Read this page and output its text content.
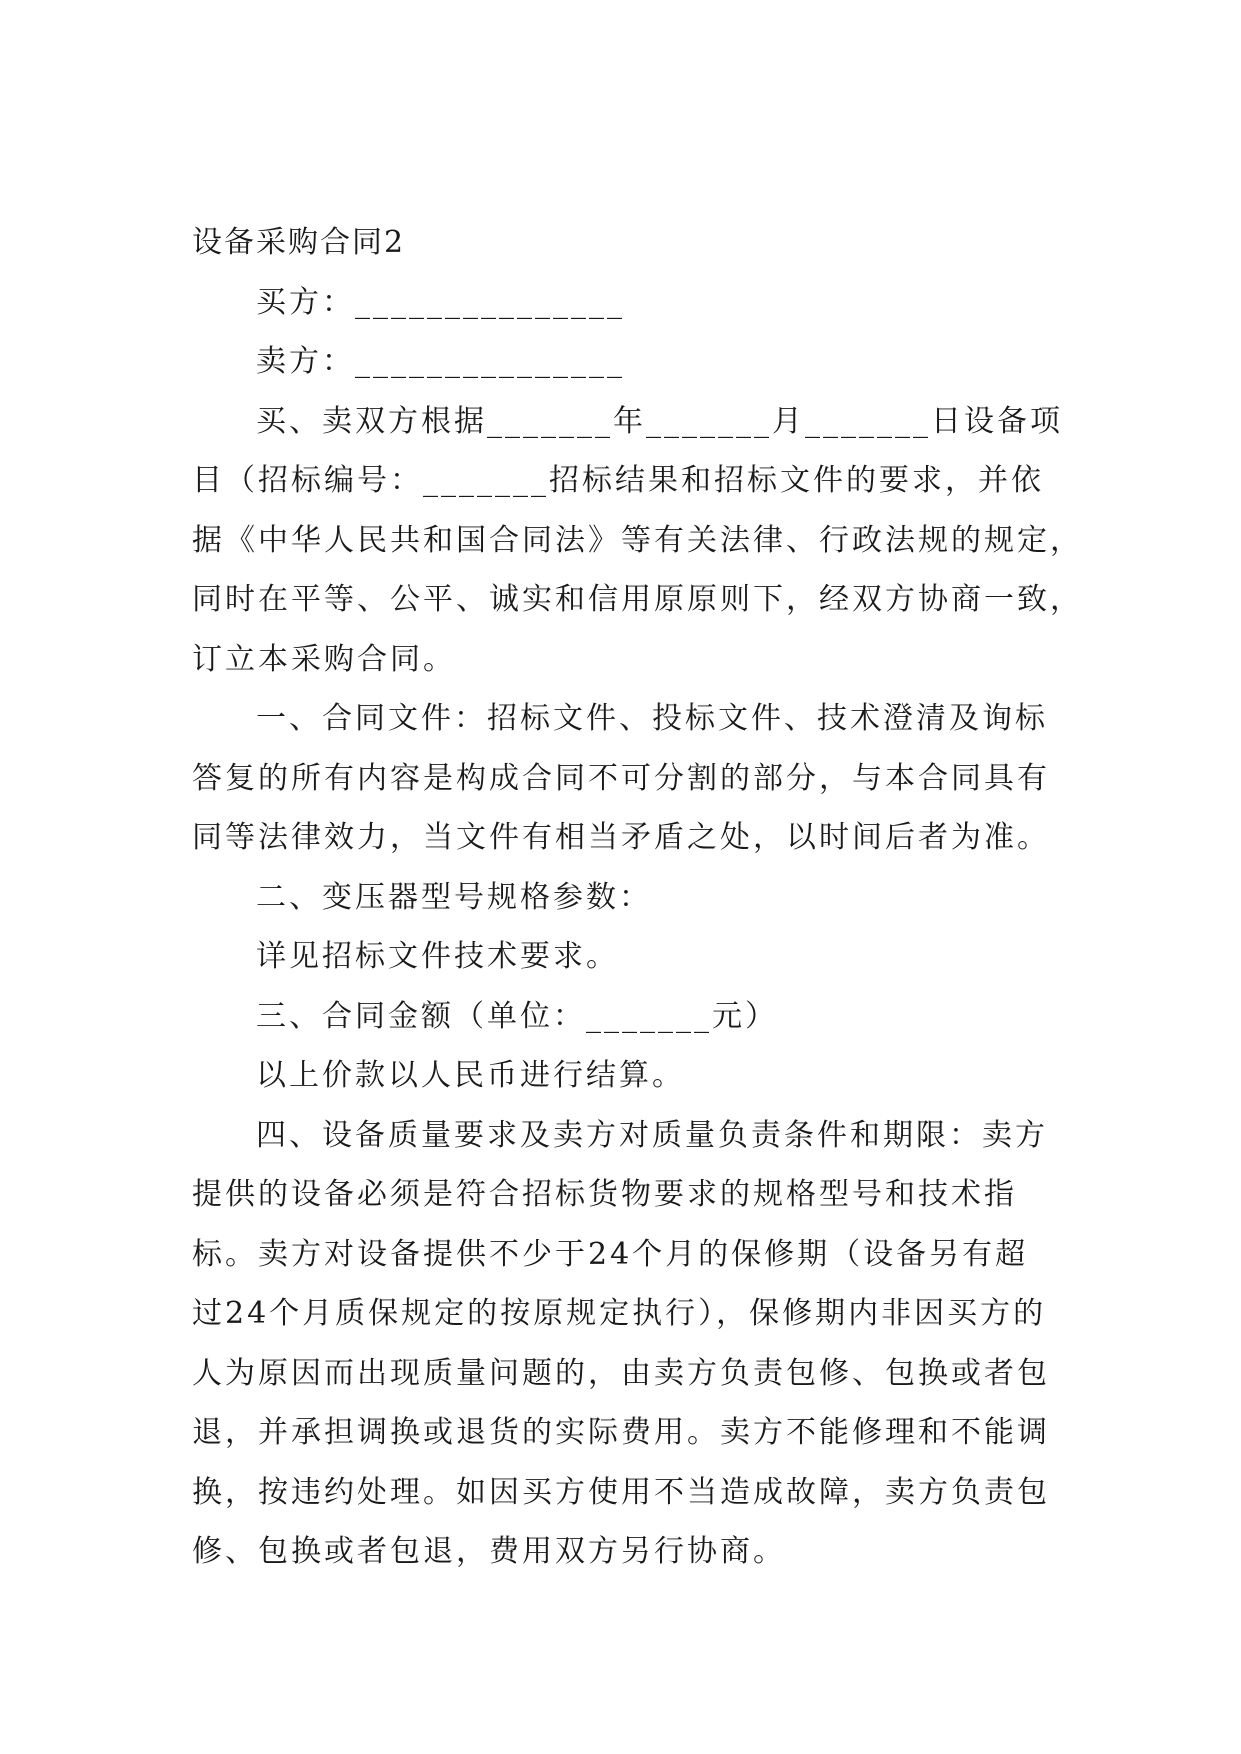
设备采购合同2
买方：_______________
卖方：_______________
买、卖双方根据_______年_______月_______日设备项
目（招标编号：_______招标结果和招标文件的要求，并依
据《中华人民共和国合同法》等有关法律、行政法规的规定，
同时在平等、公平、诚实和信用原原则下，经双方协商一致，
订立本采购合同。
一、合同文件：招标文件、投标文件、技术澄清及询标
答复的所有内容是构成合同不可分割的部分，与本合同具有
同等法律效力，当文件有相当矛盾之处，以时间后者为准。
二、变压器型号规格参数：
详见招标文件技术要求。
三、合同金额（单位：_______元）
以上价款以人民币进行结算。
四、设备质量要求及卖方对质量负责条件和期限：卖方
提供的设备必须是符合招标货物要求的规格型号和技术指
标。卖方对设备提供不少于24个月的保修期（设备另有超
过24个月质保规定的按原规定执行），保修期内非因买方的
人为原因而出现质量问题的，由卖方负责包修、包换或者包
退，并承担调换或退货的实际费用。卖方不能修理和不能调
换，按违约处理。如因买方使用不当造成故障，卖方负责包
修、包换或者包退，费用双方另行协商。
